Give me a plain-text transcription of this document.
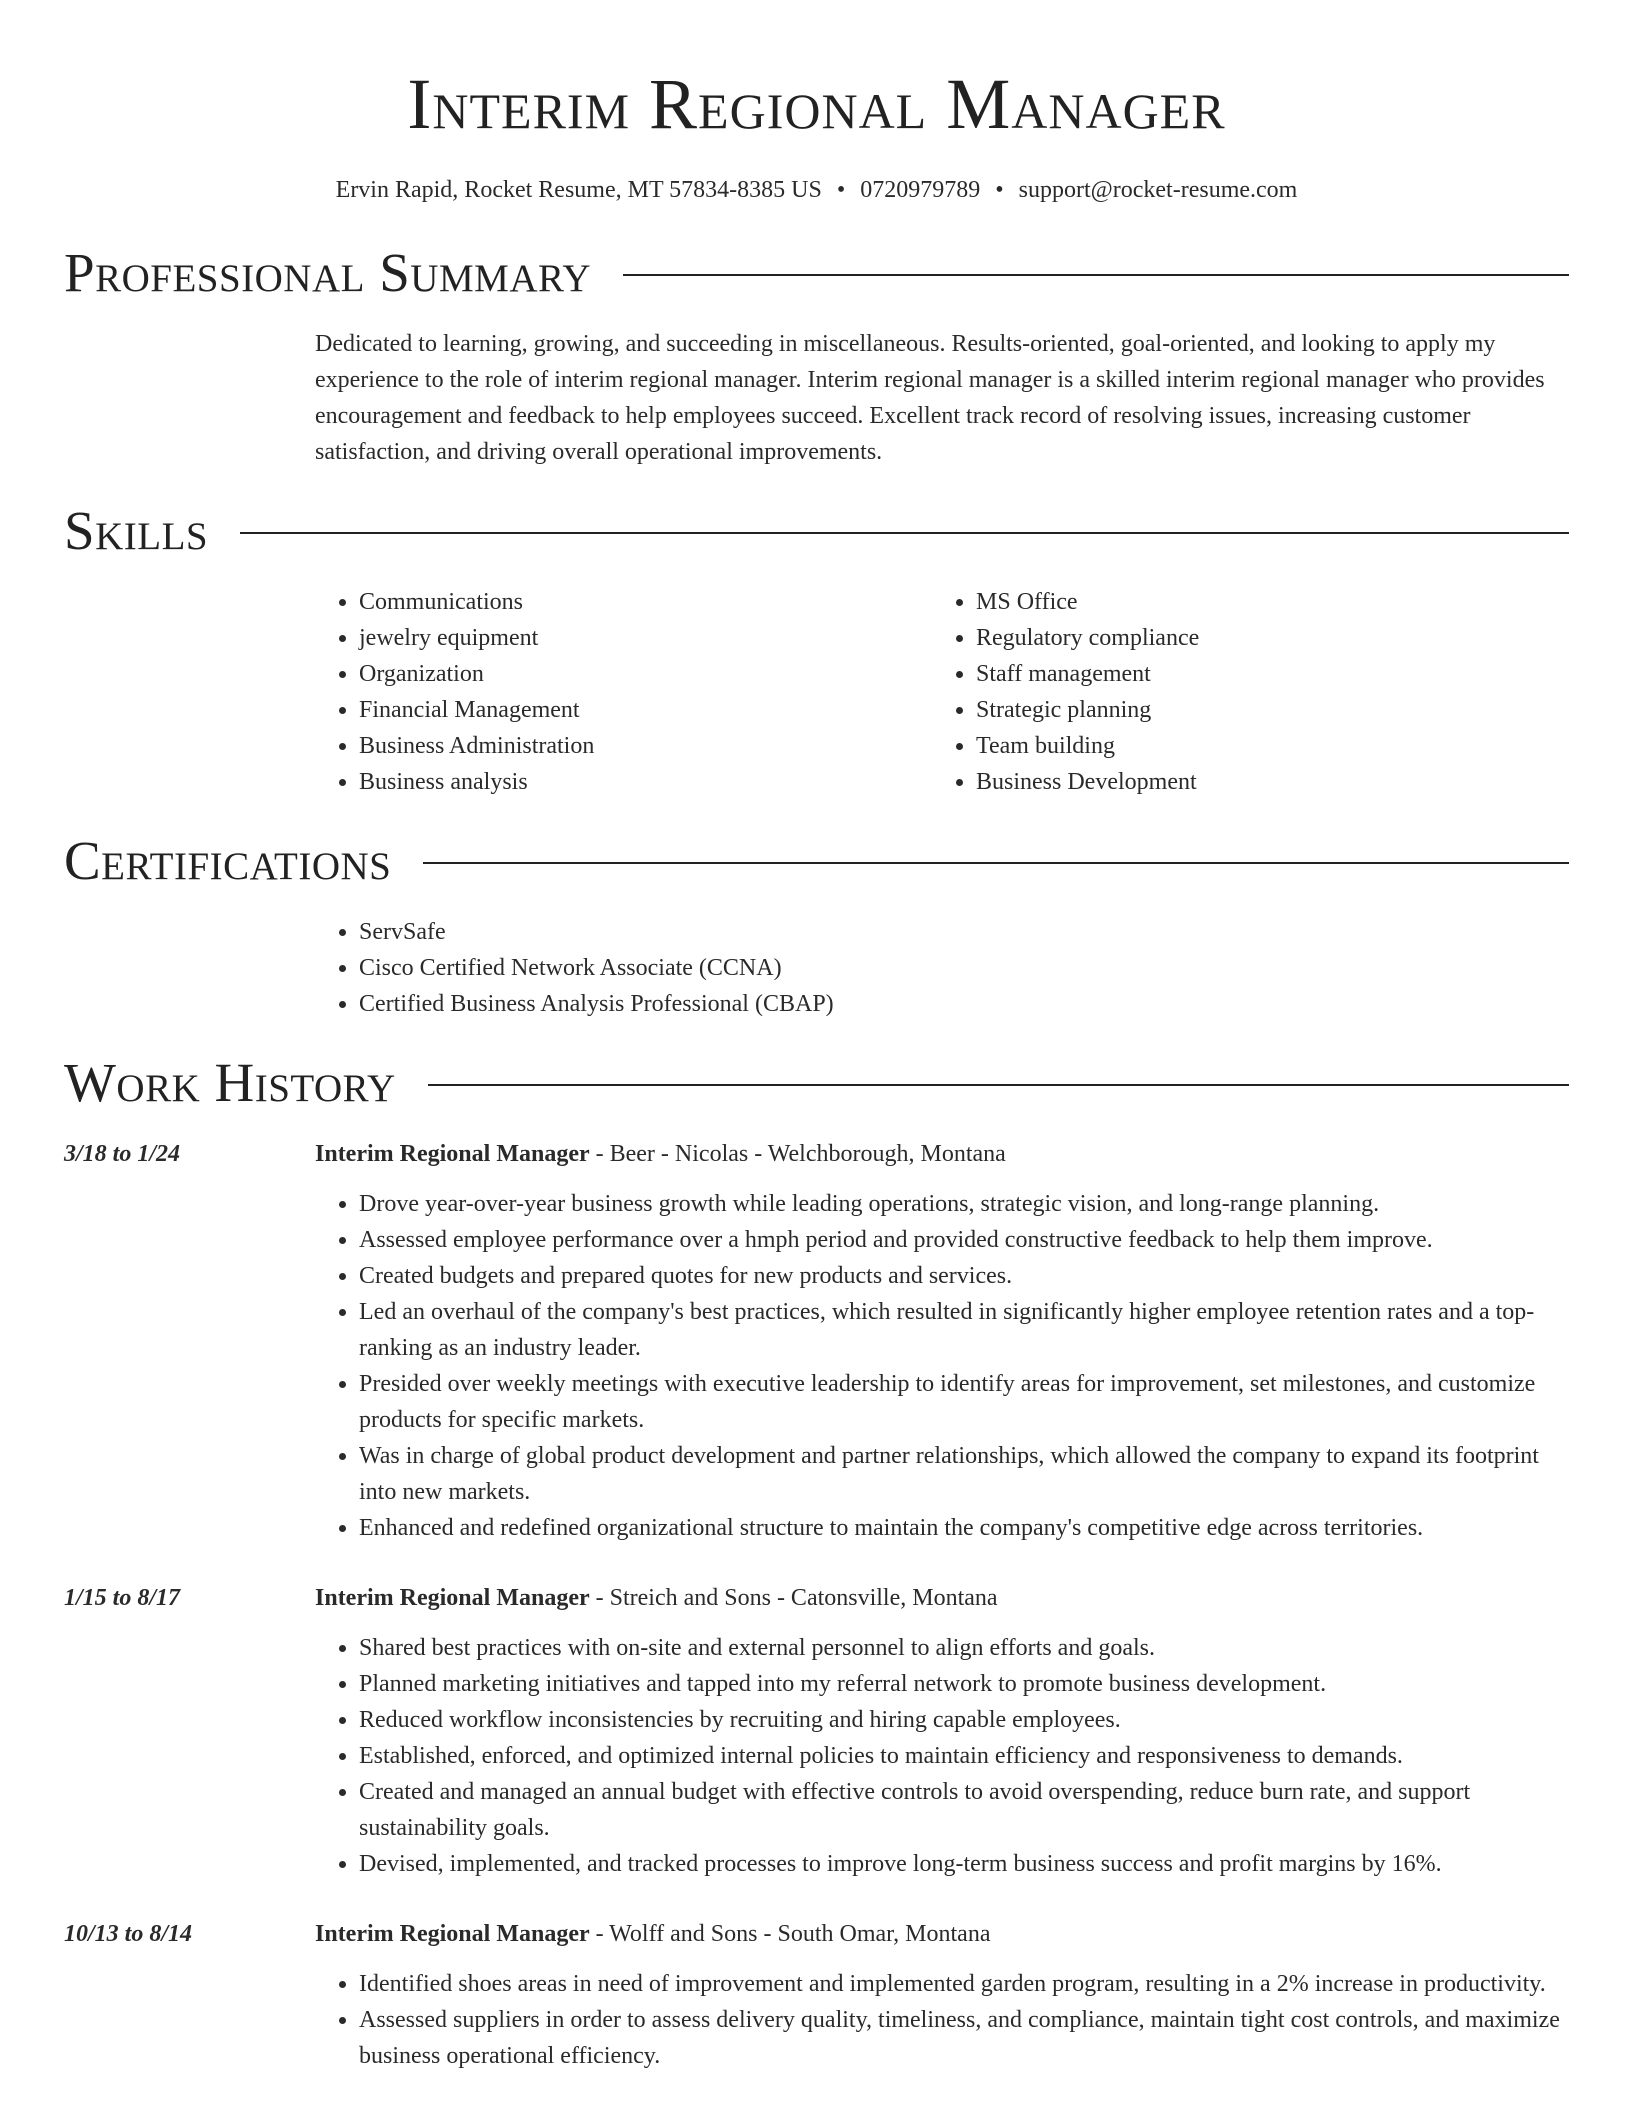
Interim Regional Manager
Ervin Rapid, Rocket Resume, MT 57834-8385 US • 0720979789 • support@rocket-resume.com
Professional Summary
Dedicated to learning, growing, and succeeding in miscellaneous. Results-oriented, goal-oriented, and looking to apply my experience to the role of interim regional manager. Interim regional manager is a skilled interim regional manager who provides encouragement and feedback to help employees succeed. Excellent track record of resolving issues, increasing customer satisfaction, and driving overall operational improvements.
Skills
• Communications
• jewelry equipment
• Organization
• Financial Management
• Business Administration
• Business analysis
• MS Office
• Regulatory compliance
• Staff management
• Strategic planning
• Team building
• Business Development
Certifications
• ServSafe
• Cisco Certified Network Associate (CCNA)
• Certified Business Analysis Professional (CBAP)
Work History
3/18 to 1/24	Interim Regional Manager - Beer - Nicolas - Welchborough, Montana
• Drove year-over-year business growth while leading operations, strategic vision, and long-range planning.
• Assessed employee performance over a hmph period and provided constructive feedback to help them improve.
• Created budgets and prepared quotes for new products and services.
• Led an overhaul of the company's best practices, which resulted in significantly higher employee retention rates and a top-ranking as an industry leader.
• Presided over weekly meetings with executive leadership to identify areas for improvement, set milestones, and customize products for specific markets.
• Was in charge of global product development and partner relationships, which allowed the company to expand its footprint into new markets.
• Enhanced and redefined organizational structure to maintain the company's competitive edge across territories.
1/15 to 8/17	Interim Regional Manager - Streich and Sons - Catonsville, Montana
• Shared best practices with on-site and external personnel to align efforts and goals.
• Planned marketing initiatives and tapped into my referral network to promote business development.
• Reduced workflow inconsistencies by recruiting and hiring capable employees.
• Established, enforced, and optimized internal policies to maintain efficiency and responsiveness to demands.
• Created and managed an annual budget with effective controls to avoid overspending, reduce burn rate, and support sustainability goals.
• Devised, implemented, and tracked processes to improve long-term business success and profit margins by 16%.
10/13 to 8/14	Interim Regional Manager - Wolff and Sons - South Omar, Montana
• Identified shoes areas in need of improvement and implemented garden program, resulting in a 2% increase in productivity.
• Assessed suppliers in order to assess delivery quality, timeliness, and compliance, maintain tight cost controls, and maximize business operational efficiency.
